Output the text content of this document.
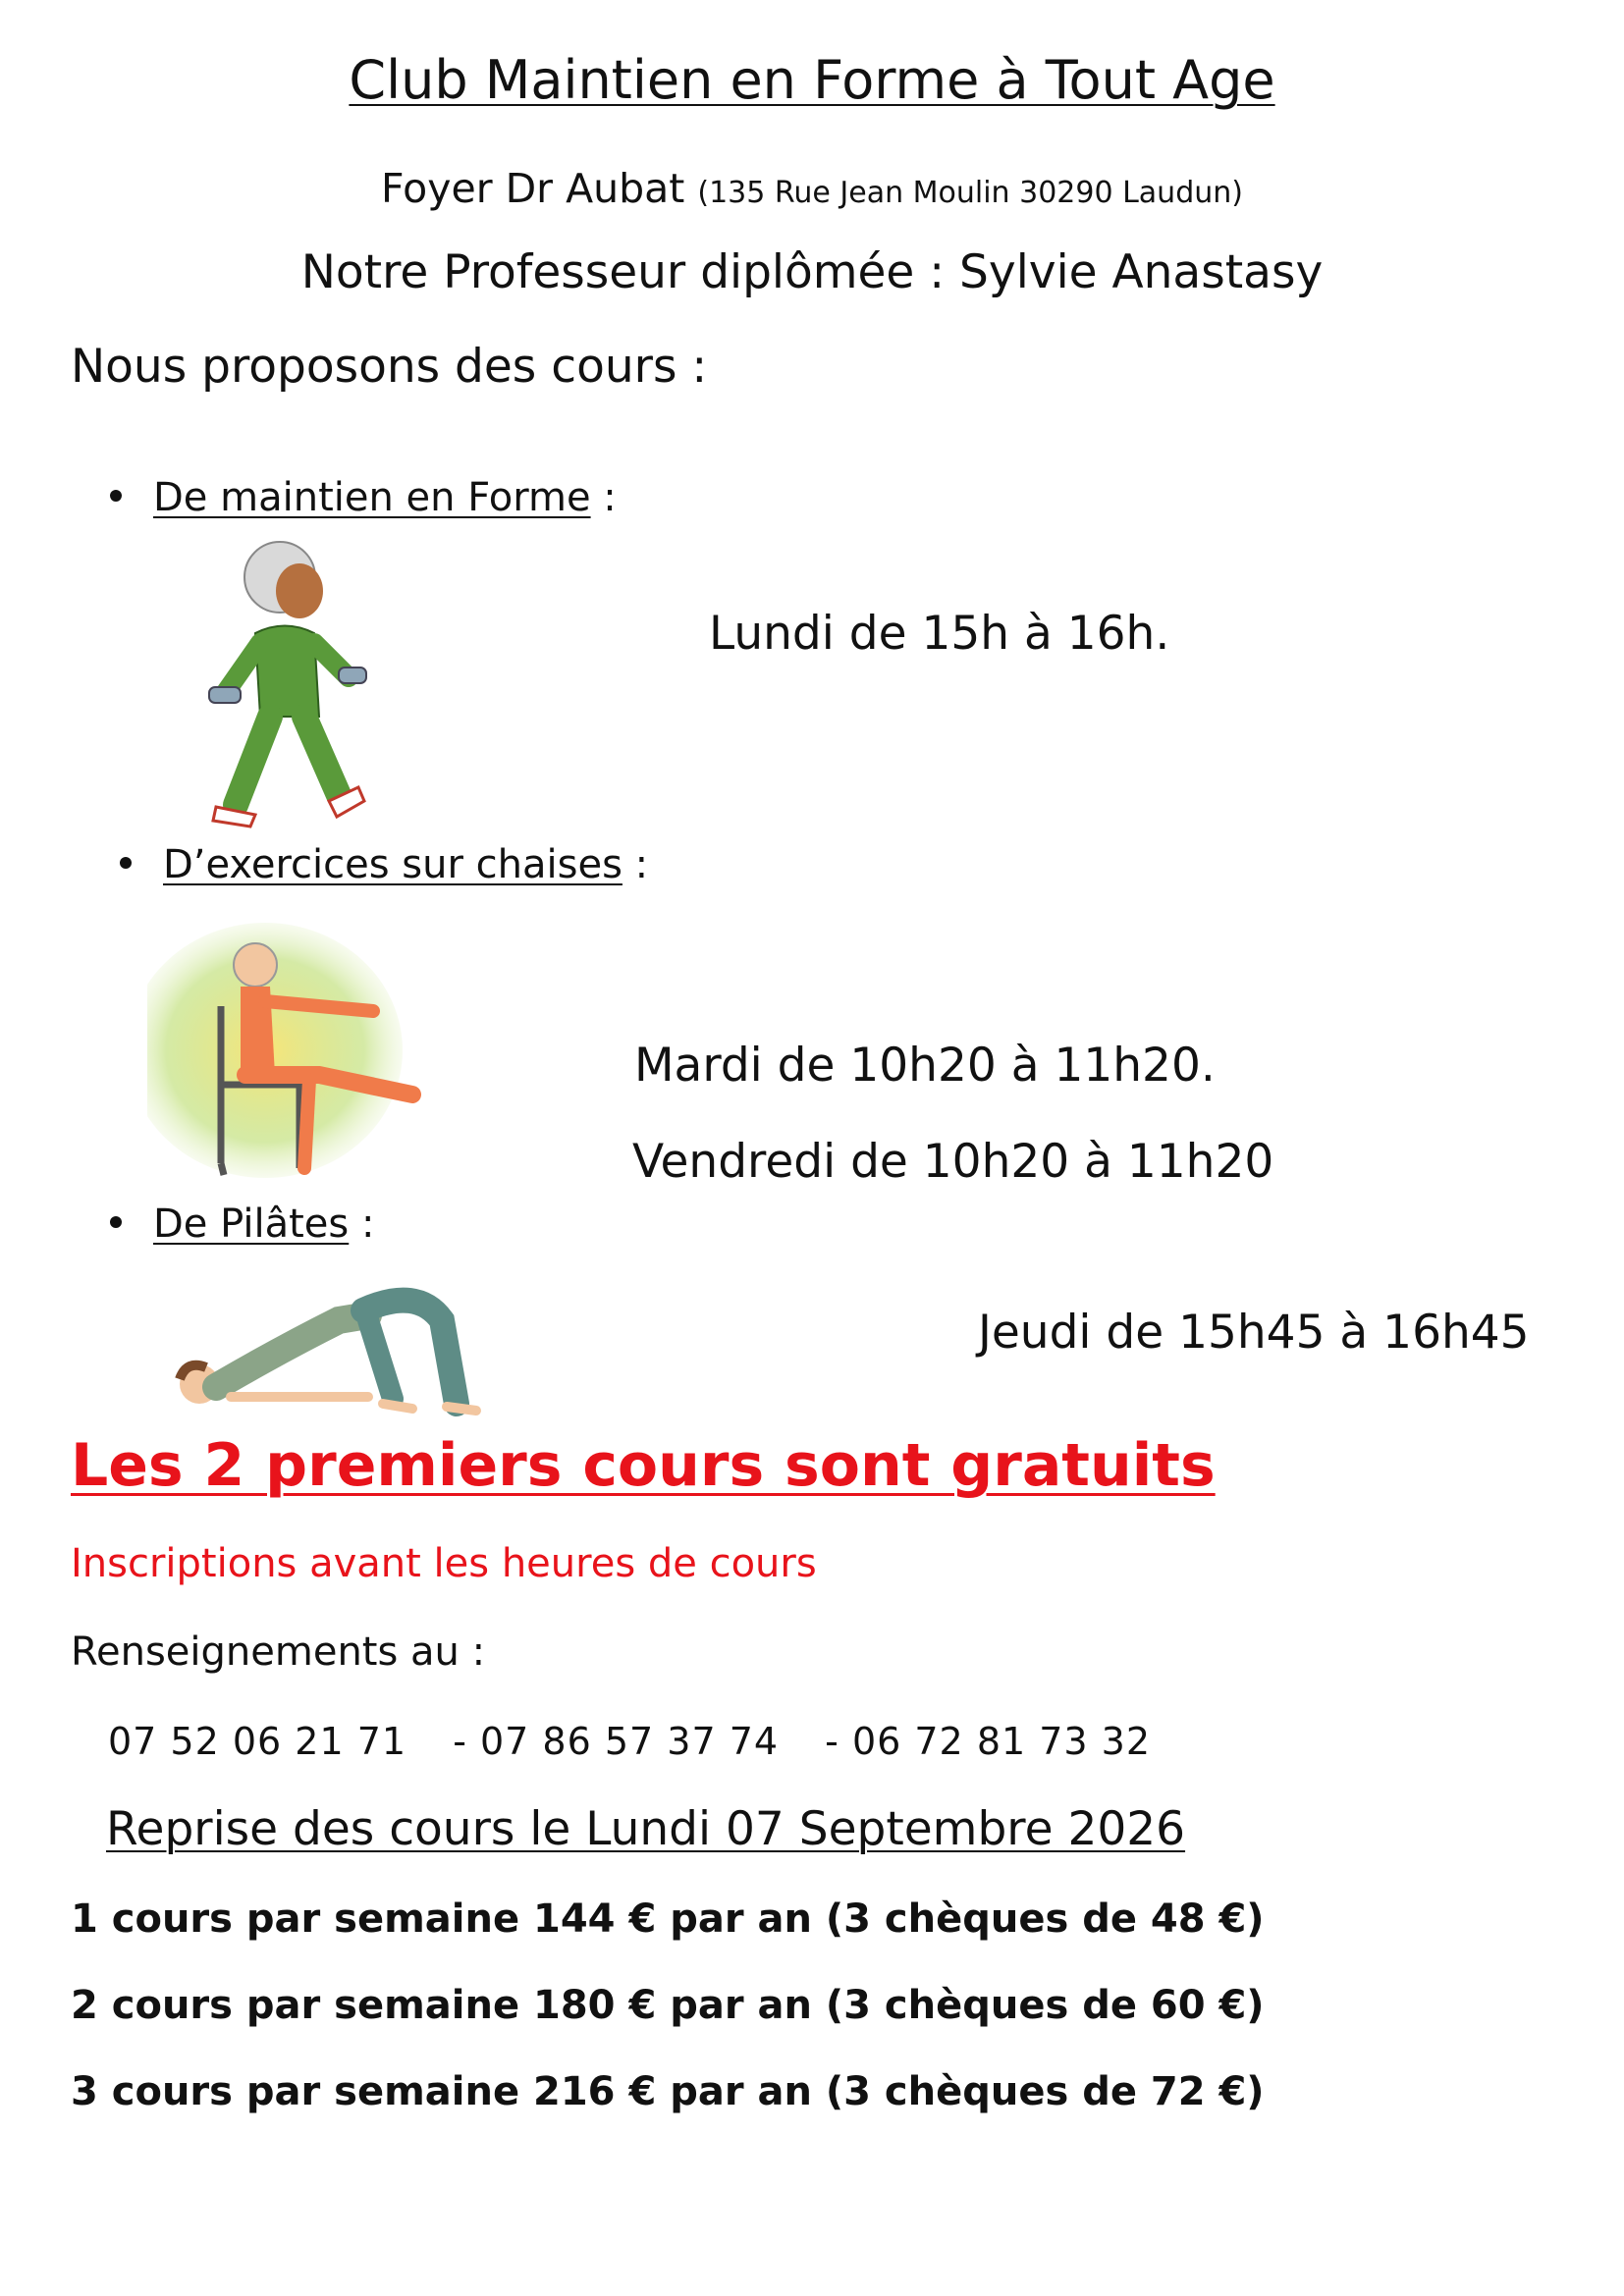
Club Maintien en Forme à Tout Age
Foyer Dr Aubat (135 Rue Jean Moulin 30290 Laudun)
Notre Professeur diplômée : Sylvie Anastasy
Nous proposons des cours :
De maintien en Forme :
Lundi de 15h à 16h.
D’exercices sur chaises :
Mardi de 10h20 à 11h20.
Vendredi de 10h20 à 11h20
De Pilâtes :
Jeudi de 15h45 à 16h45
Les 2 premiers cours sont gratuits
Inscriptions avant les heures de cours
Renseignements au :
07 52 06 21 71 - 07 86 57 37 74 - 06 72 81 73 32
Reprise des cours le Lundi 07 Septembre 2026
1 cours par semaine 144 € par an (3 chèques de 48 €)
2 cours par semaine 180 € par an (3 chèques de 60 €)
3 cours par semaine 216 € par an (3 chèques de 72 €)
